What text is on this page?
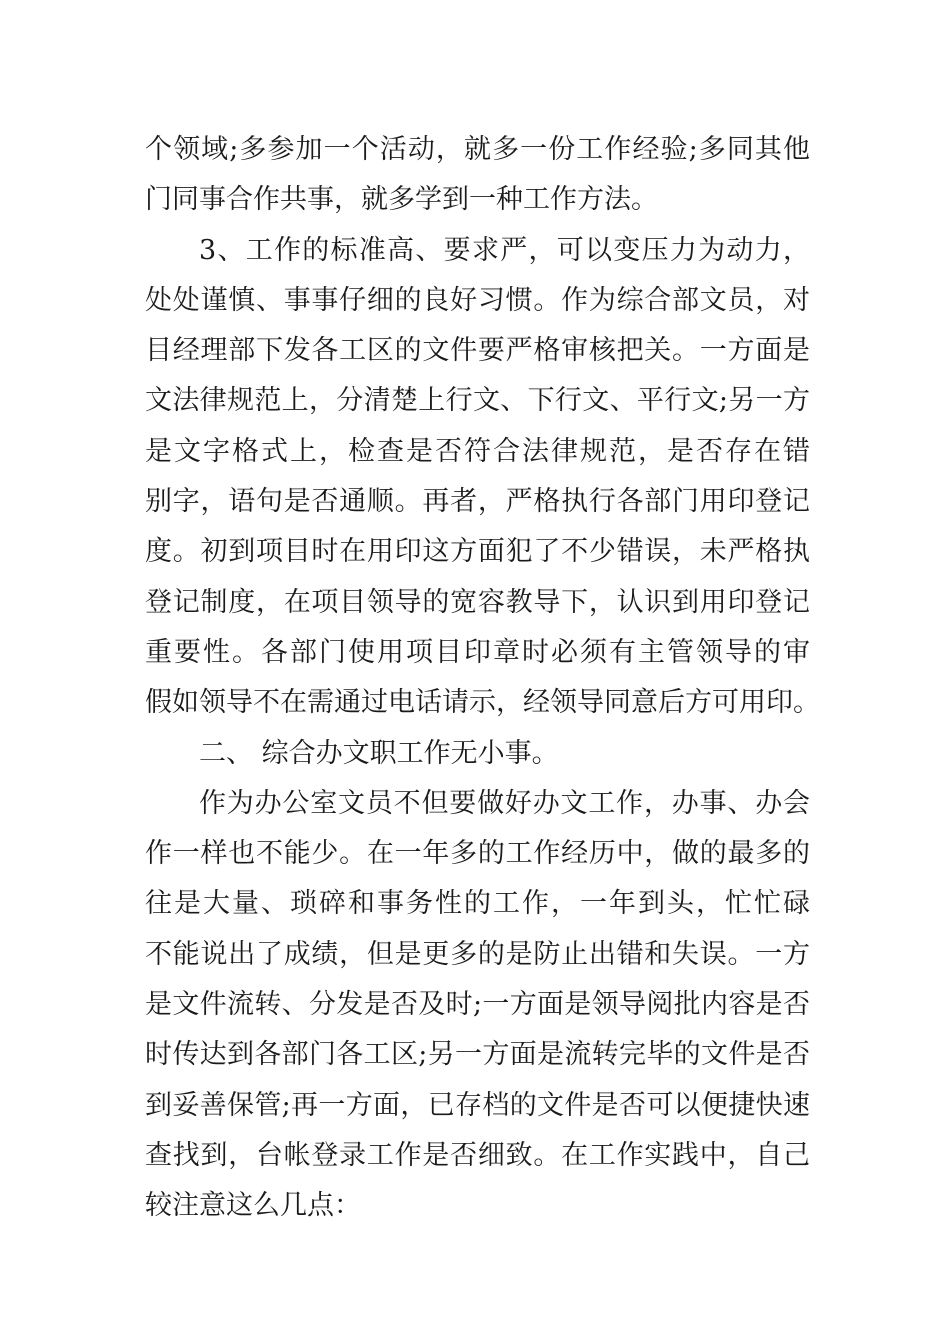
个领域;多参加一个活动，就多一份工作经验;多同其他
门同事合作共事，就多学到一种工作方法。
3、工作的标准高、要求严，可以变压力为动力，
处处谨慎、事事仔细的良好习惯。作为综合部文员，对
目经理部下发各工区的文件要严格审核把关。一方面是
文法律规范上，分清楚上行文、下行文、平行文;另一方
是文字格式上，检查是否符合法律规范，是否存在错
别字，语句是否通顺。再者，严格执行各部门用印登记
度。初到项目时在用印这方面犯了不少错误，未严格执
登记制度，在项目领导的宽容教导下，认识到用印登记
重要性。各部门使用项目印章时必须有主管领导的审
假如领导不在需通过电话请示，经领导同意后方可用印。
二、 综合办文职工作无小事。
作为办公室文员不但要做好办文工作，办事、办会
作一样也不能少。在一年多的工作经历中，做的最多的
往是大量、琐碎和事务性的工作，一年到头，忙忙碌
不能说出了成绩，但是更多的是防止出错和失误。一方
是文件流转、分发是否及时;一方面是领导阅批内容是否
时传达到各部门各工区;另一方面是流转完毕的文件是否
到妥善保管;再一方面，已存档的文件是否可以便捷快速
查找到，台帐登录工作是否细致。在工作实践中，自己
较注意这么几点：
